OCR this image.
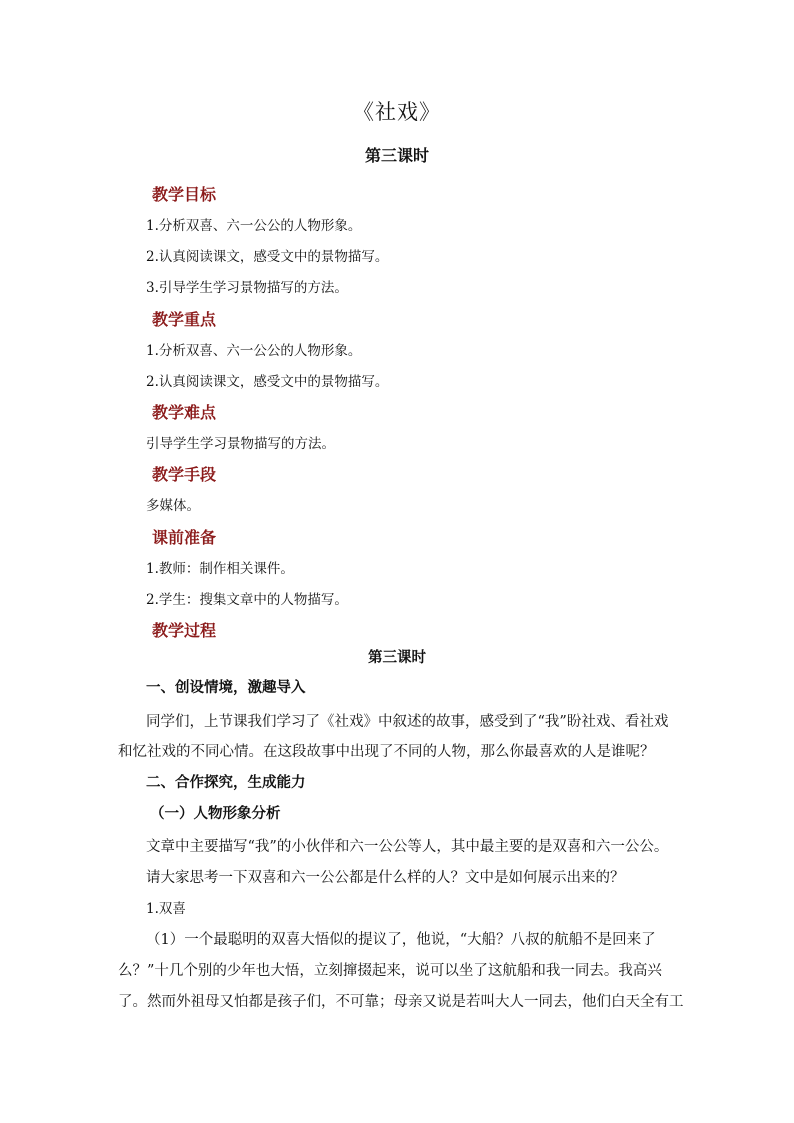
《社戏》
第三课时
教学目标
1.分析双喜、六一公公的人物形象。
2.认真阅读课文，感受文中的景物描写。
3.引导学生学习景物描写的方法。
教学重点
1.分析双喜、六一公公的人物形象。
2.认真阅读课文，感受文中的景物描写。
教学难点
引导学生学习景物描写的方法。
教学手段
多媒体。
课前准备
1.教师：制作相关课件。
2.学生：搜集文章中的人物描写。
教学过程
第三课时
一、创设情境，激趣导入
同学们，上节课我们学习了《社戏》中叙述的故事，感受到了“我”盼社戏、看社戏
和忆社戏的不同心情。在这段故事中出现了不同的人物，那么你最喜欢的人是谁呢？
二、合作探究，生成能力
（一）人物形象分析
文章中主要描写“我”的小伙伴和六一公公等人，其中最主要的是双喜和六一公公。
请大家思考一下双喜和六一公公都是什么样的人？文中是如何展示出来的？
1.双喜
（1）一个最聪明的双喜大悟似的提议了，他说，“大船？八叔的航船不是回来了
么？”十几个别的少年也大悟，立刻撺掇起来，说可以坐了这航船和我一同去。我高兴
了。然而外祖母又怕都是孩子们，不可靠；母亲又说是若叫大人一同去，他们白天全有工
